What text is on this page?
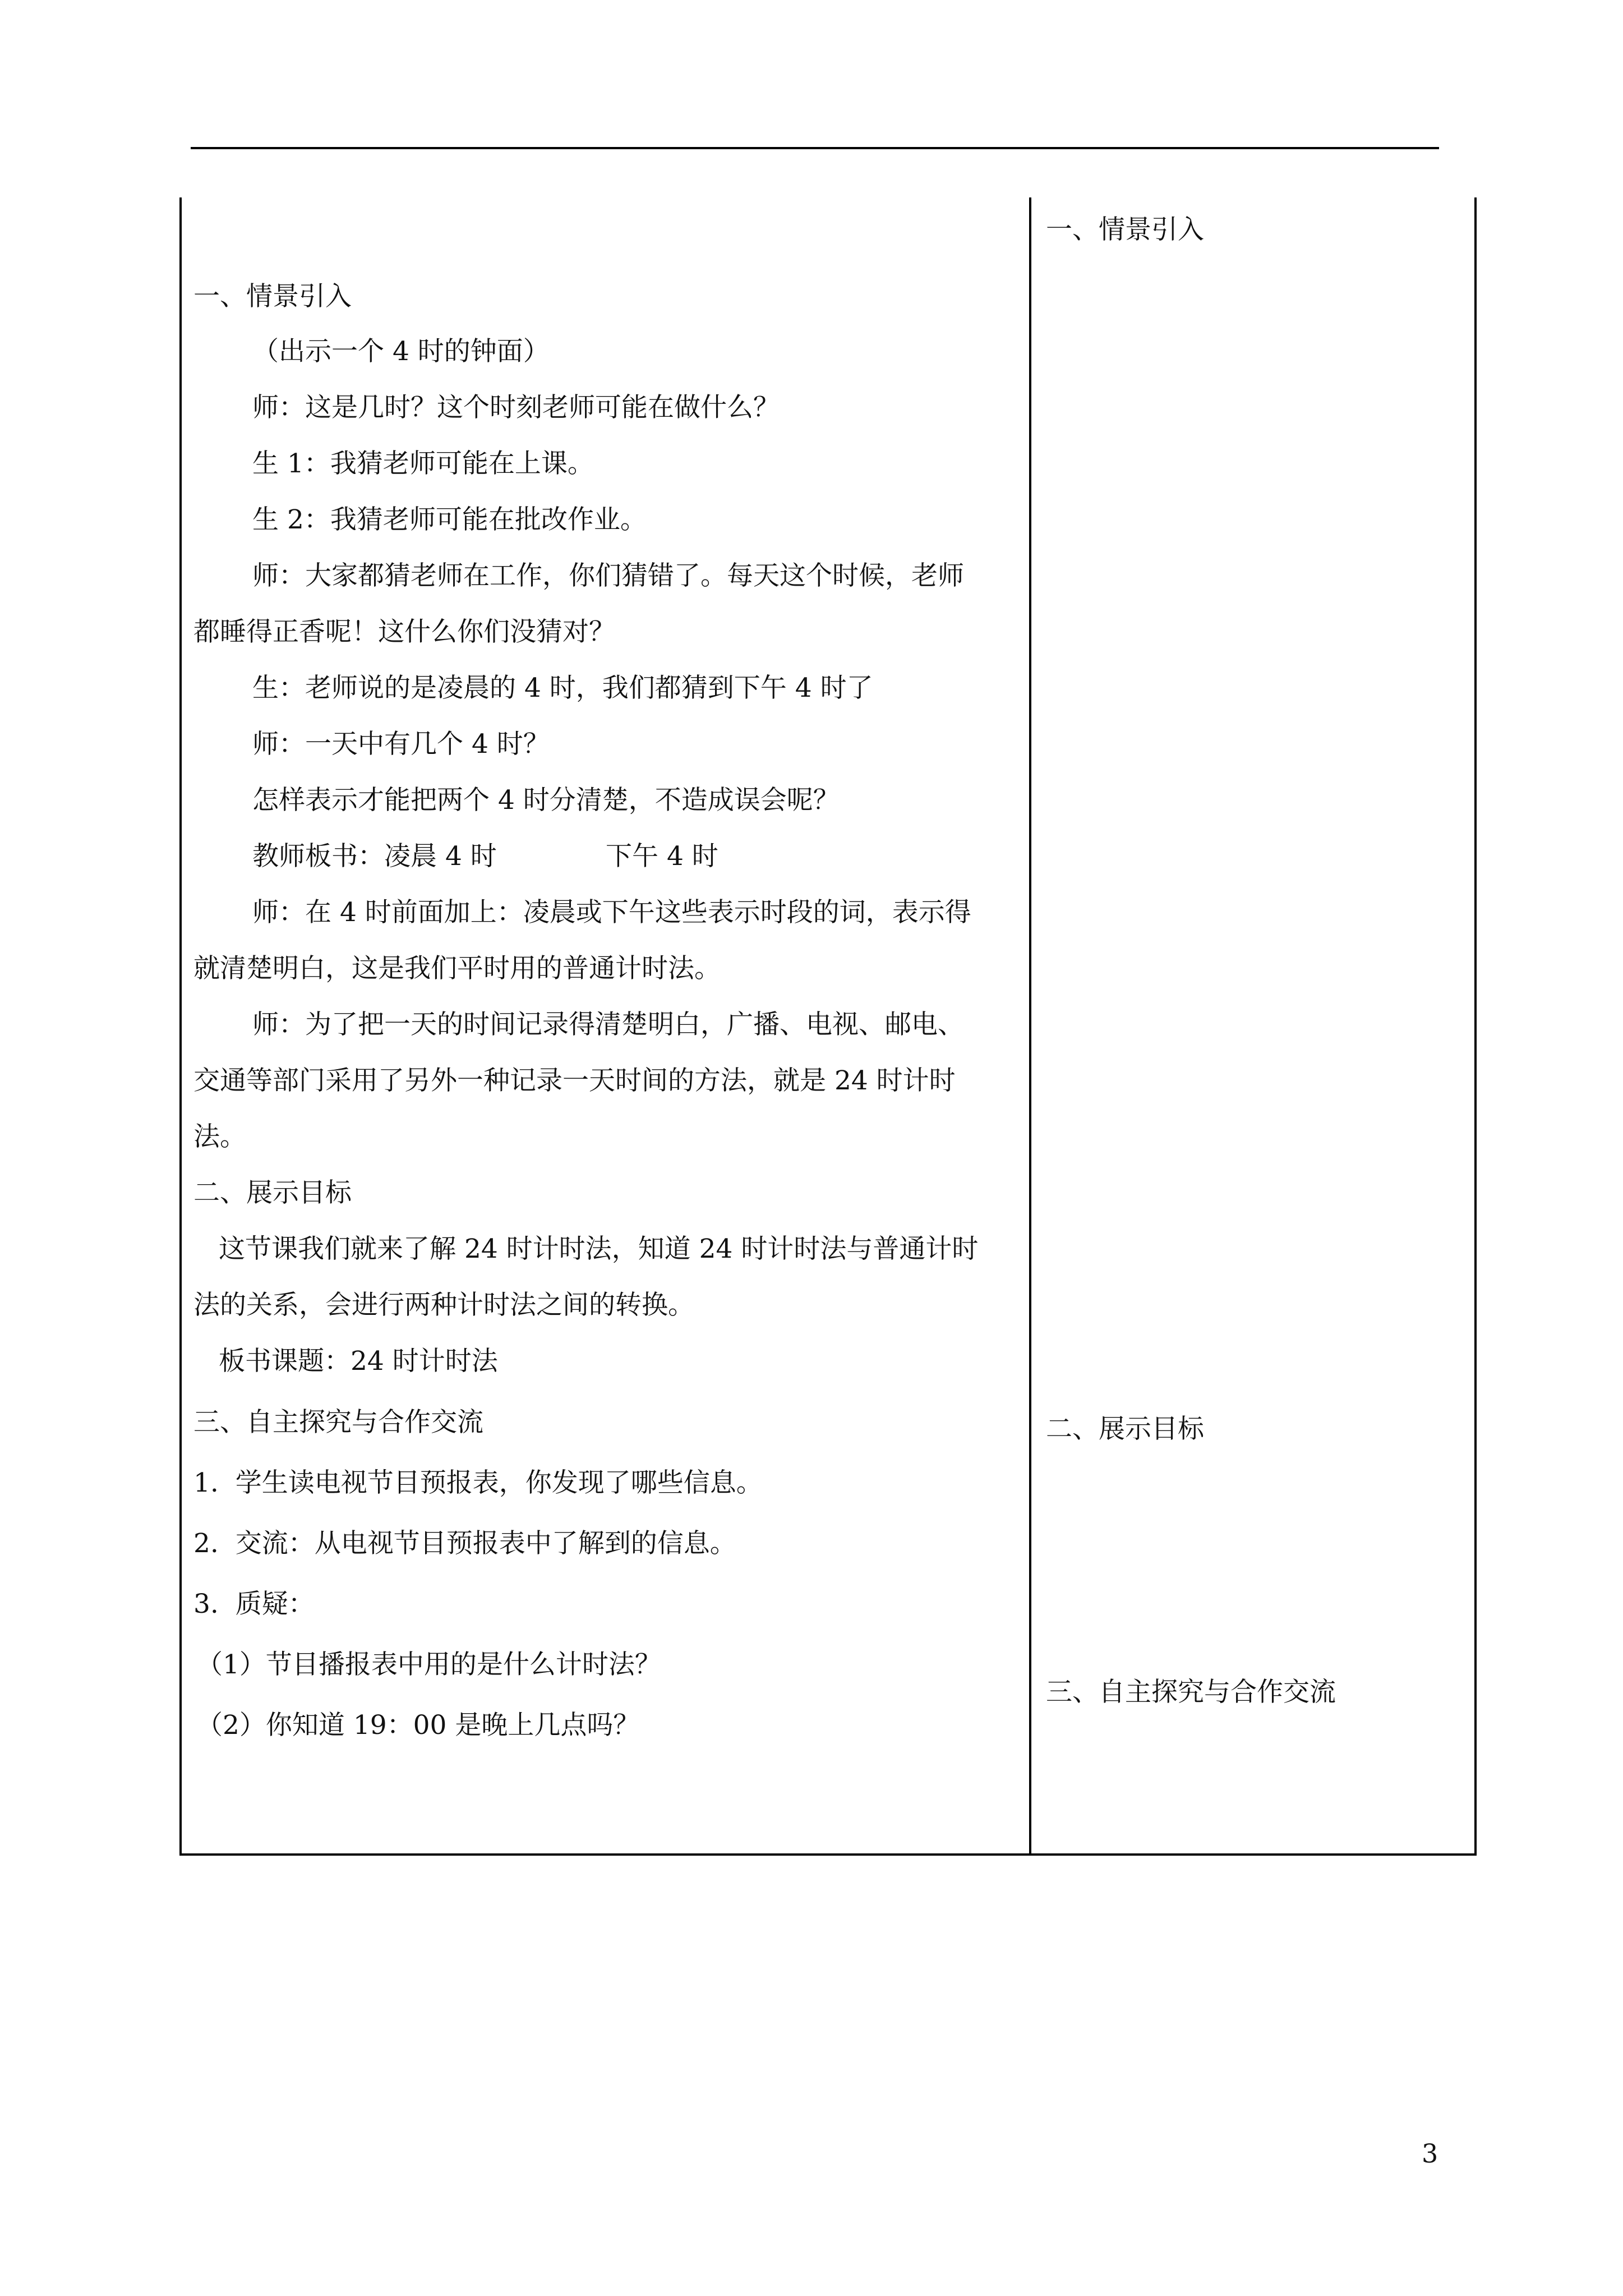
一、情景引入
（出示一个 4 时的钟面）
师：这是几时？这个时刻老师可能在做什么？
生 1：我猜老师可能在上课。
生 2：我猜老师可能在批改作业。
师：大家都猜老师在工作，你们猜错了。每天这个时候，老师
都睡得正香呢！这什么你们没猜对？
生：老师说的是凌晨的 4 时，我们都猜到下午 4 时了
师：一天中有几个 4 时？
怎样表示才能把两个 4 时分清楚，不造成误会呢？
教师板书：凌晨 4 时             下午 4 时
师：在 4 时前面加上：凌晨或下午这些表示时段的词，表示得
就清楚明白，这是我们平时用的普通计时法。
师：为了把一天的时间记录得清楚明白，广播、电视、邮电、
交通等部门采用了另外一种记录一天时间的方法，就是 24 时计时
法。
二、展示目标
这节课我们就来了解 24 时计时法，知道 24 时计时法与普通计时
法的关系，会进行两种计时法之间的转换。
板书课题：24 时计时法
三、自主探究与合作交流
1.  学生读电视节目预报表，你发现了哪些信息。
2.  交流：从电视节目预报表中了解到的信息。
3.  质疑：
（1）节目播报表中用的是什么计时法？
（2）你知道 19：00 是晚上几点吗？
一、情景引入
二、展示目标
三、自主探究与合作交流
3
